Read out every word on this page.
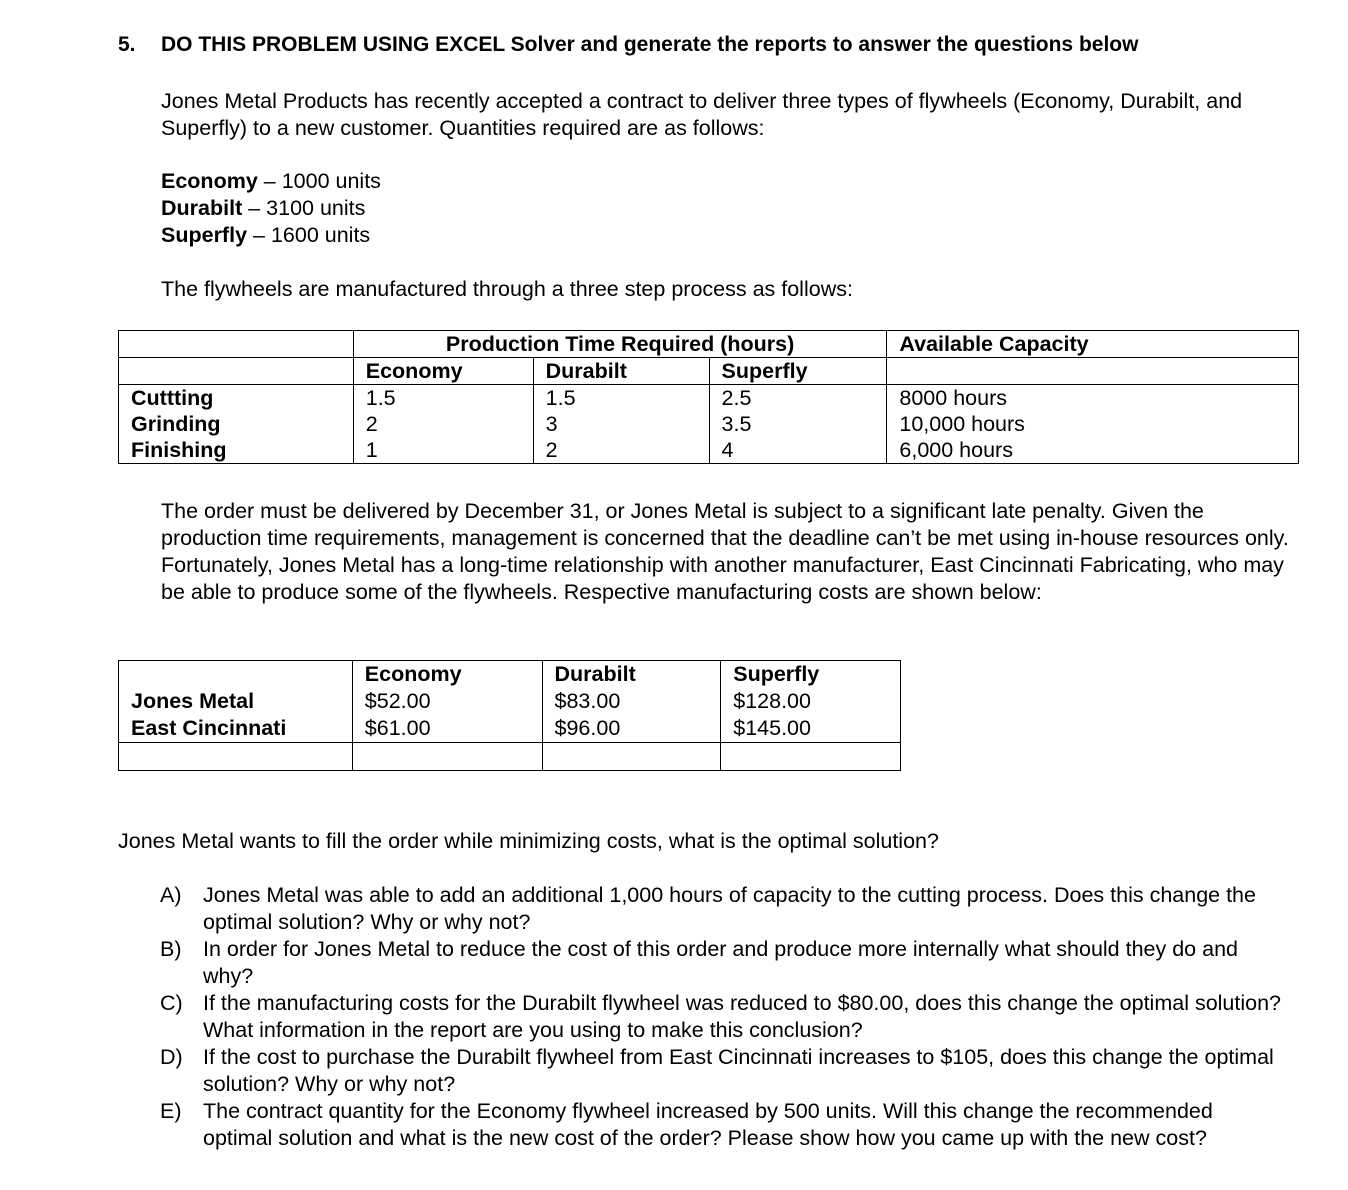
5. DO THIS PROBLEM USING EXCEL Solver and generate the reports to answer the questions below
Jones Metal Products has recently accepted a contract to deliver three types of flywheels (Economy, Durabilt, and Superfly) to a new customer. Quantities required are as follows:
Economy – 1000 units
Durabilt – 3100 units
Superfly – 1600 units
The flywheels are manufactured through a three step process as follows:
	Production Time Required (hours)			Available Capacity
	Economy	Durabilt	Superfly	
Cuttting	1.5	1.5	2.5	8000 hours
Grinding	2	3	3.5	10,000 hours
Finishing	1	2	4	6,000 hours
The order must be delivered by December 31, or Jones Metal is subject to a significant late penalty. Given the production time requirements, management is concerned that the deadline can’t be met using in-house resources only. Fortunately, Jones Metal has a long-time relationship with another manufacturer, East Cincinnati Fabricating, who may be able to produce some of the flywheels. Respective manufacturing costs are shown below:
	Economy	Durabilt	Superfly
Jones Metal	$52.00	$83.00	$128.00
East Cincinnati	$61.00	$96.00	$145.00

Jones Metal wants to fill the order while minimizing costs, what is the optimal solution?
A)	Jones Metal was able to add an additional 1,000 hours of capacity to the cutting process. Does this change the optimal solution? Why or why not?
B)	In order for Jones Metal to reduce the cost of this order and produce more internally what should they do and why?
C) If the manufacturing costs for the Durabilt flywheel was reduced to $80.00, does this change the optimal solution? What information in the report are you using to make this conclusion?
D) If the cost to purchase the Durabilt flywheel from East Cincinnati increases to $105, does this change the optimal solution? Why or why not?
E)	The contract quantity for the Economy flywheel increased by 500 units. Will this change the recommended optimal solution and what is the new cost of the order? Please show how you came up with the new cost?
